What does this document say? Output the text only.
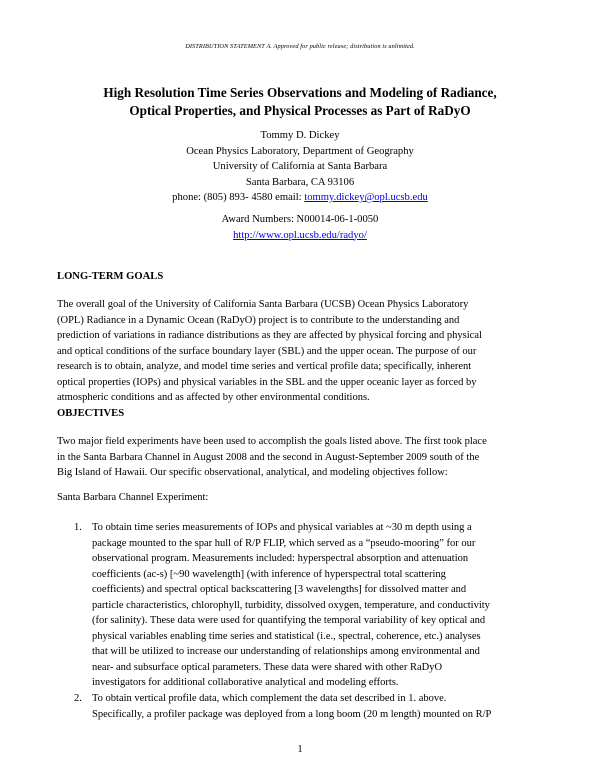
DISTRIBUTION STATEMENT A. Approved for public release; distribution is unlimited.
High Resolution Time Series Observations and Modeling of Radiance,
Optical Properties, and Physical Processes as Part of RaDyO
Tommy D. Dickey
Ocean Physics Laboratory, Department of Geography
University of California at Santa Barbara
Santa Barbara, CA 93106
phone: (805) 893- 4580 email: tommy.dickey@opl.ucsb.edu
Award Numbers: N00014-06-1-0050
http://www.opl.ucsb.edu/radyo/
LONG-TERM GOALS
The overall goal of the University of California Santa Barbara (UCSB) Ocean Physics Laboratory
(OPL) Radiance in a Dynamic Ocean (RaDyO) project is to contribute to the understanding and
prediction of variations in radiance distributions as they are affected by physical forcing and physical
and optical conditions of the surface boundary layer (SBL) and the upper ocean. The purpose of our
research is to obtain, analyze, and model time series and vertical profile data; specifically, inherent
optical properties (IOPs) and physical variables in the SBL and the upper oceanic layer as forced by
atmospheric conditions and as affected by other environmental conditions.
OBJECTIVES
Two major field experiments have been used to accomplish the goals listed above. The first took place
in the Santa Barbara Channel in August 2008 and the second in August-September 2009 south of the
Big Island of Hawaii. Our specific observational, analytical, and modeling objectives follow:
Santa Barbara Channel Experiment:
1. To obtain time series measurements of IOPs and physical variables at ~30 m depth using a
package mounted to the spar hull of R/P FLIP, which served as a “pseudo-mooring” for our
observational program. Measurements included: hyperspectral absorption and attenuation
coefficients (ac-s) [~90 wavelength] (with inference of hyperspectral total scattering
coefficients) and spectral optical backscattering [3 wavelengths] for dissolved matter and
particle characteristics, chlorophyll, turbidity, dissolved oxygen, temperature, and conductivity
(for salinity). These data were used for quantifying the temporal variability of key optical and
physical variables enabling time series and statistical (i.e., spectral, coherence, etc.) analyses
that will be utilized to increase our understanding of relationships among environmental and
near- and subsurface optical parameters. These data were shared with other RaDyO
investigators for additional collaborative analytical and modeling efforts.
2. To obtain vertical profile data, which complement the data set described in 1. above.
Specifically, a profiler package was deployed from a long boom (20 m length) mounted on R/P
1
